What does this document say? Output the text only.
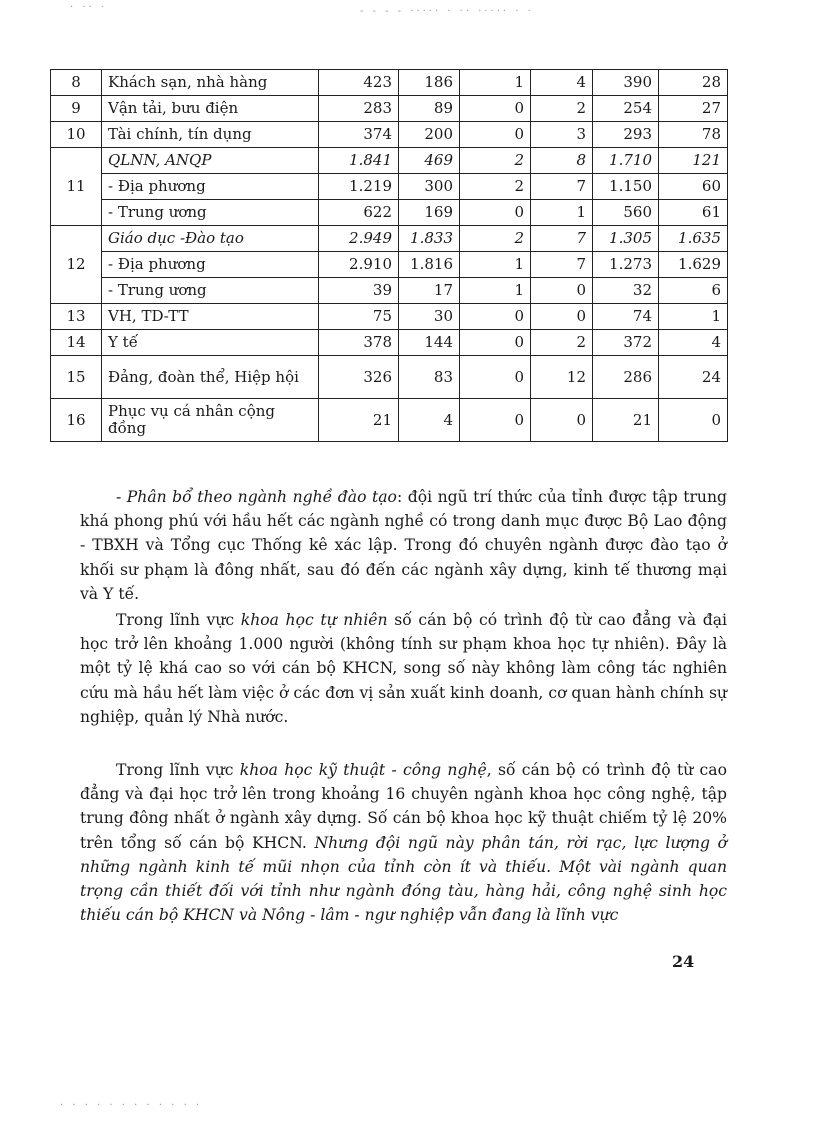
· ·· ·	- - - - ····· · ·· ····· · ·
· · · · · · · · · · · ·
8	Khách sạn, nhà hàng	423	186	1	4	390	28
9	Vận tải, bưu điện	283	89	0	2	254	27
10	Tài chính, tín dụng	374	200	0	3	293	78
11	QLNN, ANQP	1.841	469	2	8	1.710	121
	- Địa phương	1.219	300	2	7	1.150	60
	- Trung ương	622	169	0	1	560	61
12	Giáo dục -Đào tạo	2.949	1.833	2	7	1.305	1.635
	- Địa phương	2.910	1.816	1	7	1.273	1.629
	- Trung ương	39	17	1	0	32	6
13	VH, TD-TT	75	30	0	0	74	1
14	Y tế	378	144	0	2	372	4
15	Đảng, đoàn thể, Hiệp hội	326	83	0	12	286	24
16	Phục vụ cá nhân cộng đồng	21	4	0	0	21	0

- Phân bổ theo ngành nghề đào tạo: đội ngũ trí thức của tỉnh được tập trung khá phong phú với hầu hết các ngành nghề có trong danh mục được Bộ Lao động - TBXH và Tổng cục Thống kê xác lập. Trong đó chuyên ngành được đào tạo ở khối sư phạm là đông nhất, sau đó đến các ngành xây dựng, kinh tế thương mại và Y tế.

Trong lĩnh vực khoa học tự nhiên số cán bộ có trình độ từ cao đẳng và đại học trở lên khoảng 1.000 người (không tính sư phạm khoa học tự nhiên). Đây là một tỷ lệ khá cao so với cán bộ KHCN, song số này không làm công tác nghiên cứu mà hầu hết làm việc ở các đơn vị sản xuất kinh doanh, cơ quan hành chính sự nghiệp, quản lý Nhà nước.

Trong lĩnh vực khoa học kỹ thuật - công nghệ, số cán bộ có trình độ từ cao đẳng và đại học trở lên trong khoảng 16 chuyên ngành khoa học công nghệ, tập trung đông nhất ở ngành xây dựng. Số cán bộ khoa học kỹ thuật chiếm tỷ lệ 20% trên tổng số cán bộ KHCN. Nhưng đội ngũ này phân tán, rời rạc, lực lượng ở những ngành kinh tế mũi nhọn của tỉnh còn ít và thiếu. Một vài ngành quan trọng cần thiết đối với tỉnh như ngành đóng tàu, hàng hải, công nghệ sinh học thiếu cán bộ KHCN và Nông - lâm - ngư nghiệp vẫn đang là lĩnh vực

24
